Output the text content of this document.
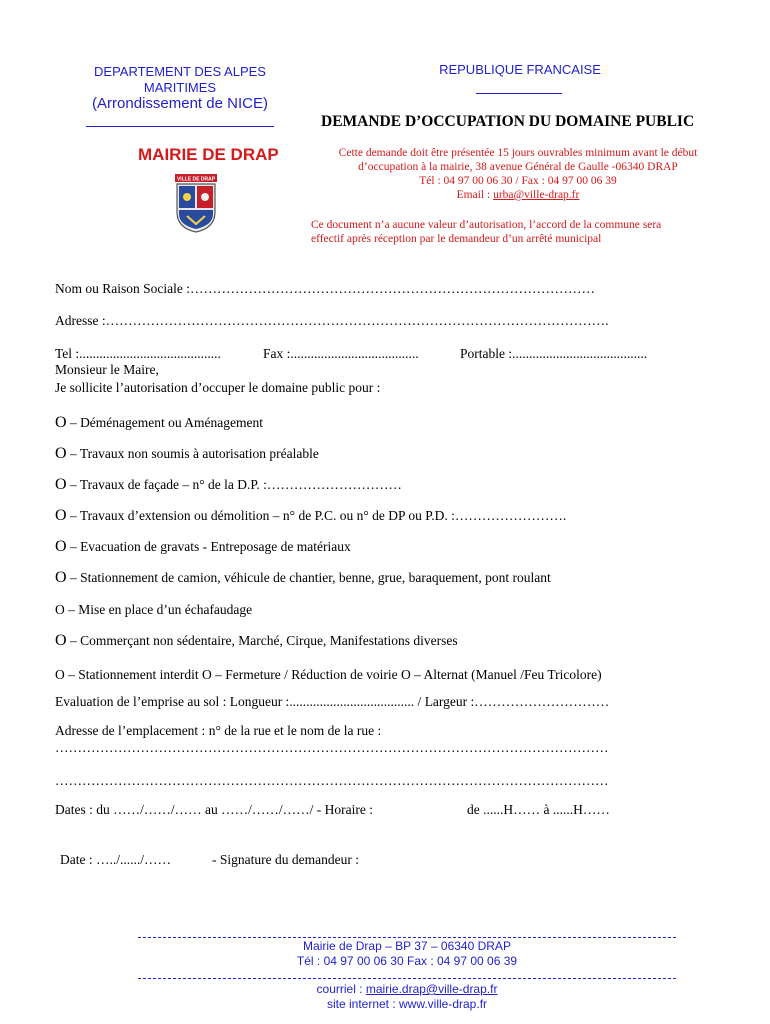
DEPARTEMENT DES ALPES
MARITIMES
(Arrondissement de NICE)
MAIRIE DE DRAP
VILLE DE DRAP
REPUBLIQUE FRANCAISE
DEMANDE D’OCCUPATION DU DOMAINE PUBLIC
Cette demande doit être présentée 15 jours ouvrables minimum avant le début
d’occupation à la mairie, 38 avenue Général de Gaulle -06340 DRAP
Tél : 04 97 00 06 30 / Fax : 04 97 00 06 39
Email : urba@ville-drap.fr
Ce document n’a aucune valeur d’autorisation, l’accord de la commune sera
effectif après réception par le demandeur d’un arrêté municipal
Nom ou Raison Sociale :………………………………………………………………………………
Adresse :………………………………………………………………………………………………….
Tel :..........................................	Fax :......................................	Portable :........................................
Monsieur le Maire,
Je sollicite l’autorisation d’occuper le domaine public pour :
O – Déménagement ou Aménagement
O – Travaux non soumis à autorisation préalable
O – Travaux de façade – n° de la D.P. :…………………………
O – Travaux d’extension ou démolition – n° de P.C. ou n° de DP ou P.D. :…………………….
O – Evacuation de gravats - Entreposage de matériaux
O – Stationnement de camion, véhicule de chantier, benne, grue, baraquement, pont roulant
O – Mise en place d’un échafaudage
O – Commerçant non sédentaire, Marché, Cirque, Manifestations diverses
O – Stationnement interdit O – Fermeture / Réduction de voirie O – Alternat (Manuel /Feu Tricolore)
Evaluation de l’emprise au sol : Longueur :..................................... / Largeur :…………………………
Adresse de l’emplacement : n° de la rue et le nom de la rue :
……………………………………………………………………………………………………………
……………………………………………………………………………………………………………
Dates : du ……/……/…… au ……/……/……/ - Horaire :	de ......H…… à ......H……
Date : …../....../……	- Signature du demandeur :
Mairie de Drap – BP 37 – 06340 DRAP
Tél : 04 97 00 06 30 Fax : 04 97 00 06 39
courriel : mairie.drap@ville-drap.fr
site internet : www.ville-drap.fr
